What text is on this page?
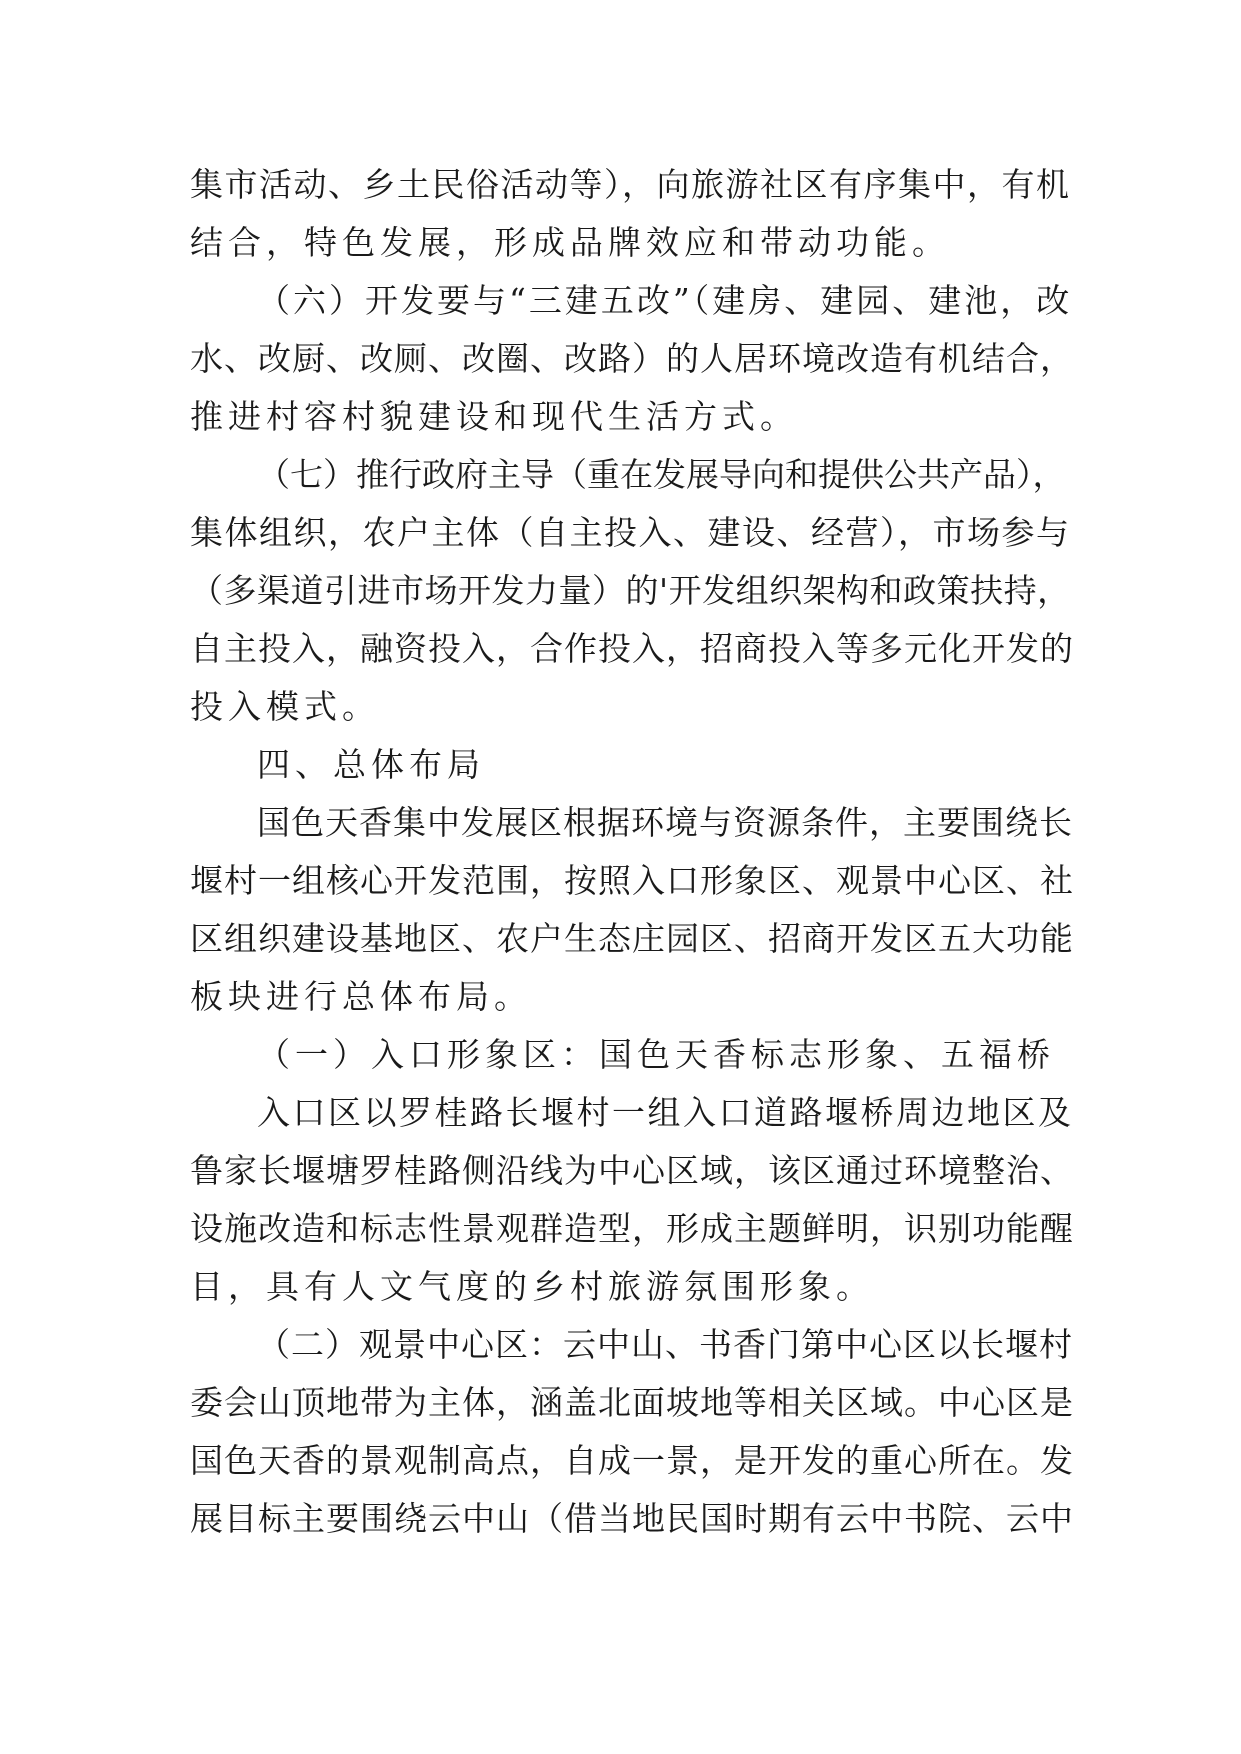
集市活动、乡土民俗活动等），向旅游社区有序集中，有机
结合，特色发展，形成品牌效应和带动功能。
（六）开发要与“三建五改”（建房、建园、建池，改
水、改厨、改厕、改圈、改路）的人居环境改造有机结合，
推进村容村貌建设和现代生活方式。
（七）推行政府主导（重在发展导向和提供公共产品），
集体组织，农户主体（自主投入、建设、经营），市场参与
（多渠道引进市场开发力量）的'开发组织架构和政策扶持，
自主投入，融资投入，合作投入，招商投入等多元化开发的
投入模式。
四、总体布局
国色天香集中发展区根据环境与资源条件，主要围绕长
堰村一组核心开发范围，按照入口形象区、观景中心区、社
区组织建设基地区、农户生态庄园区、招商开发区五大功能
板块进行总体布局。
（一）入口形象区：国色天香标志形象、五福桥
入口区以罗桂路长堰村一组入口道路堰桥周边地区及
鲁家长堰塘罗桂路侧沿线为中心区域，该区通过环境整治、
设施改造和标志性景观群造型，形成主题鲜明，识别功能醒
目，具有人文气度的乡村旅游氛围形象。
（二）观景中心区：云中山、书香门第中心区以长堰村
委会山顶地带为主体，涵盖北面坡地等相关区域。中心区是
国色天香的景观制高点，自成一景，是开发的重心所在。发
展目标主要围绕云中山（借当地民国时期有云中书院、云中
